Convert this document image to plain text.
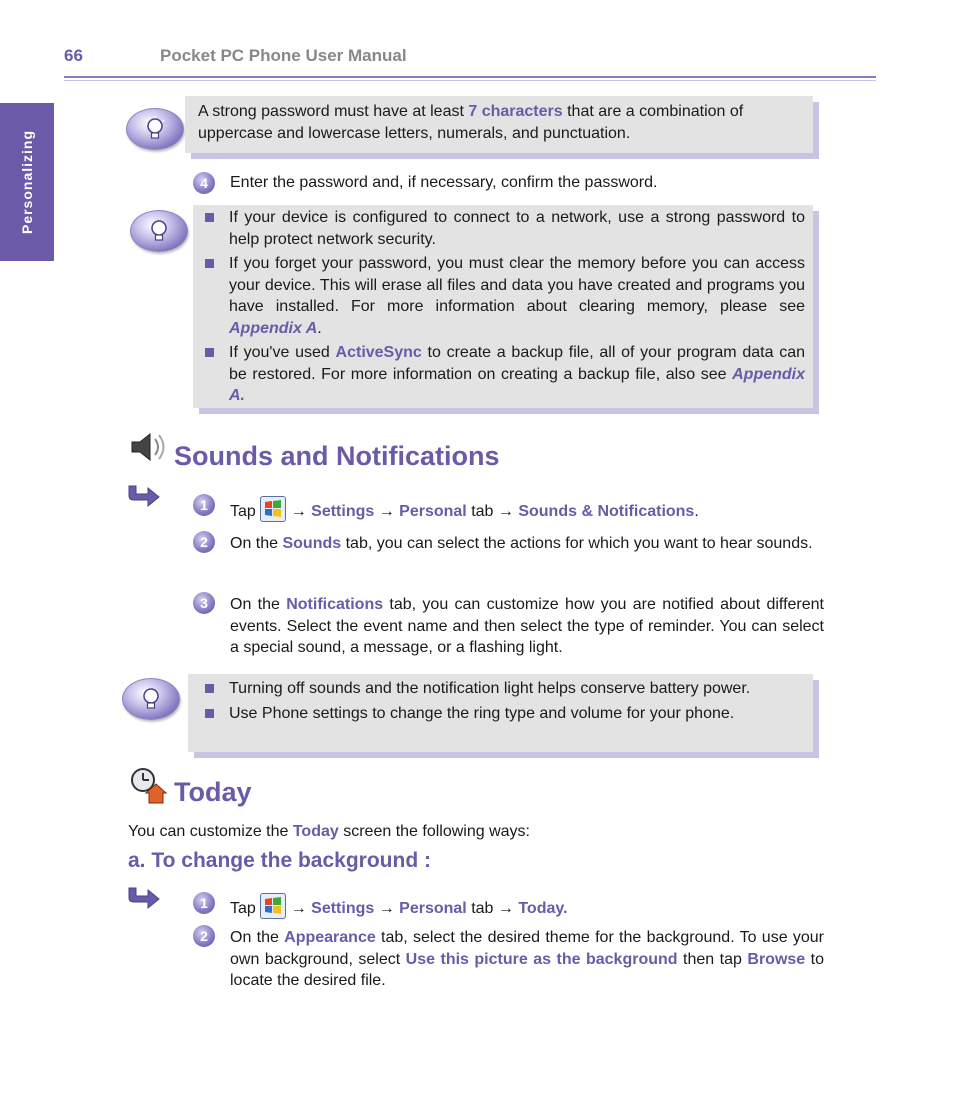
66	Pocket PC Phone User Manual
Personalizing

A strong password must have at least 7 characters that are a combination of uppercase and lowercase letters, numerals, and punctuation.

4	Enter the password and, if necessary, confirm the password.
If your device is configured to connect to a network, use a strong password to help protect network security.
If you forget your password, you must clear the memory before you can access your device. This will erase all files and data you have created and programs you have installed. For more information about clearing memory, please see Appendix A.
If you've used ActiveSync to create a backup file, all of your program data can be restored. For more information on creating a backup file, also see Appendix A.
Sounds and Notifications
1	Tap
→ Settings → Personal tab → Sounds & Notifications.
2	On the Sounds tab, you can select the actions for which you want to hear sounds.
3	On the Notifications tab, you can customize how you are notified about different events. Select the event name and then select the type of reminder. You can select a special sound, a message, or a flashing light.
Turning off sounds and the notification light helps conserve battery power.
Use Phone settings to change the ring type and volume for your phone.
Today
You can customize the Today screen the following ways:
a. To change the background :
1	Tap
→ Settings → Personal tab → Today.
2	On the Appearance tab, select the desired theme for the background. To use your own background, select Use this picture as the background then tap Browse to locate the desired file.
